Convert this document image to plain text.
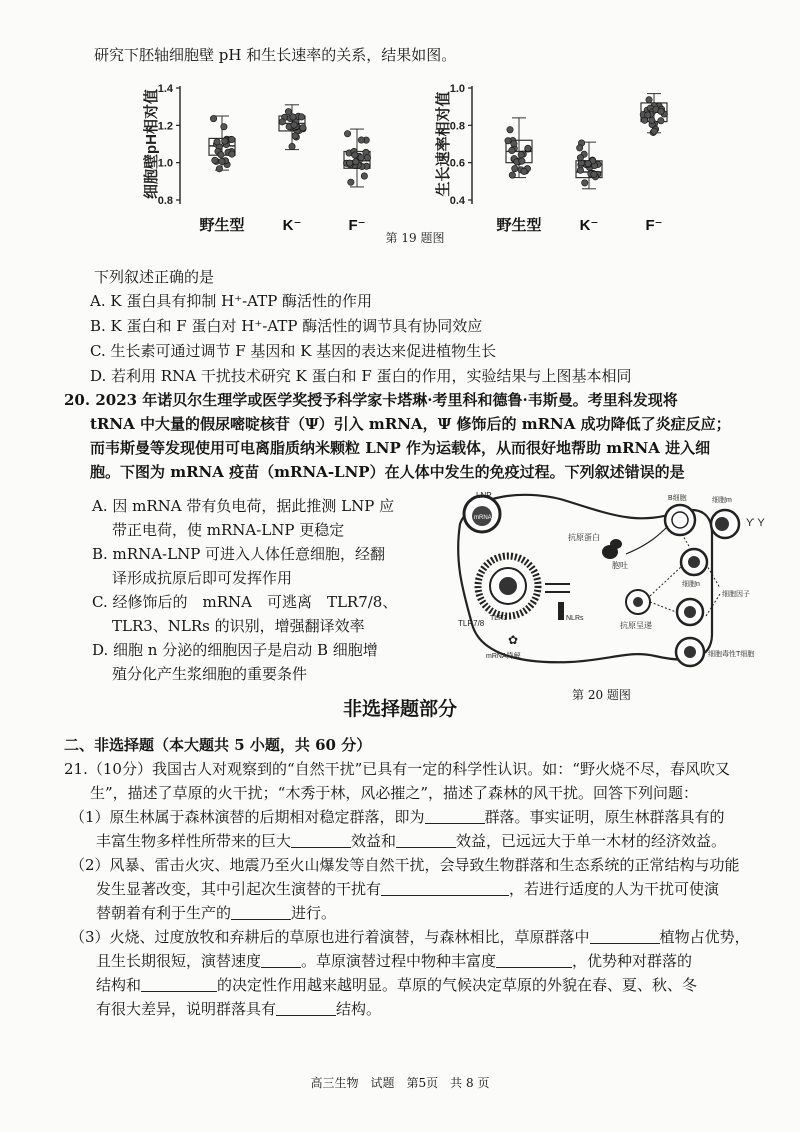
研究下胚轴细胞壁 pH 和生长速率的关系，结果如图。
1.4
1.2
1.0
0.8
细胞壁pH相对值
野生型	K⁻	F⁻
1.0
0.8
0.6
0.4
生长速率相对值
野生型	K⁻	F⁻
第 19 题图
下列叙述正确的是
A. K 蛋白具有抑制 H⁺-ATP 酶活性的作用
B. K 蛋白和 F 蛋白对 H⁺-ATP 酶活性的调节具有协同效应
C. 生长素可通过调节 F 基因和 K 基因的表达来促进植物生长
D. 若利用 RNA 干扰技术研究 K 蛋白和 F 蛋白的作用，实验结果与上图基本相同
20. 2023 年诺贝尔生理学或医学奖授予科学家卡塔琳·考里科和德鲁·韦斯曼。考里科发现将
tRNA 中大量的假尿嘧啶核苷（Ψ）引入 mRNA，Ψ 修饰后的 mRNA 成功降低了炎症反应；
而韦斯曼等发现使用可电离脂质纳米颗粒 LNP 作为运载体，从而很好地帮助 mRNA 进入细
胞。下图为 mRNA 疫苗（mRNA-LNP）在人体中发生的免疫过程。下列叙述错误的是
A. 因 mRNA 带有负电荷，据此推测 LNP 应
带正电荷，使 mRNA-LNP 更稳定
B. mRNA-LNP 可进入人体任意细胞，经翻
译形成抗原后即可发挥作用
C. 经修饰后的　mRNA　可逃离　TLR7/8、
TLR3、NLRs 的识别，增强翻译效率
D. 细胞 n 分泌的细胞因子是启动 B 细胞增
殖分化产生浆细胞的重要条件
LNP
mRNA
TLR7/8
TLR3
抗原蛋白
胞吐
NLRs
mRNA降解
✿
抗原呈递
B细胞	细胞m
Ƴ Y
细胞n
细胞毒性T细胞
细胞因子
第 20 题图
非选择题部分
二、非选择题（本大题共 5 小题，共 60 分）
21.（10分）我国古人对观察到的“自然干扰”已具有一定的科学性认识。如：“野火烧不尽，春风吹又
生”，描述了草原的火干扰；“木秀于林，风必摧之”，描述了森林的风干扰。回答下列问题：
（1）原生林属于森林演替的后期相对稳定群落，即为	群落。事实证明，原生林群落具有的
丰富生物多样性所带来的巨大	效益和	效益，已远远大于单一木材的经济效益。
（2）风暴、雷击火灾、地震乃至火山爆发等自然干扰，会导致生物群落和生态系统的正常结构与功能
发生显著改变，其中引起次生演替的干扰有	，若进行适度的人为干扰可使演
替朝着有利于生产的	进行。
（3）火烧、过度放牧和弃耕后的草原也进行着演替，与森林相比，草原群落中	植物占优势，
且生长期很短，演替速度	。草原演替过程中物种丰富度	，优势种对群落的
结构和	的决定性作用越来越明显。草原的气候决定草原的外貌在春、夏、秋、冬
有很大差异，说明群落具有	结构。
高三生物　试题　第5页　共 8 页
